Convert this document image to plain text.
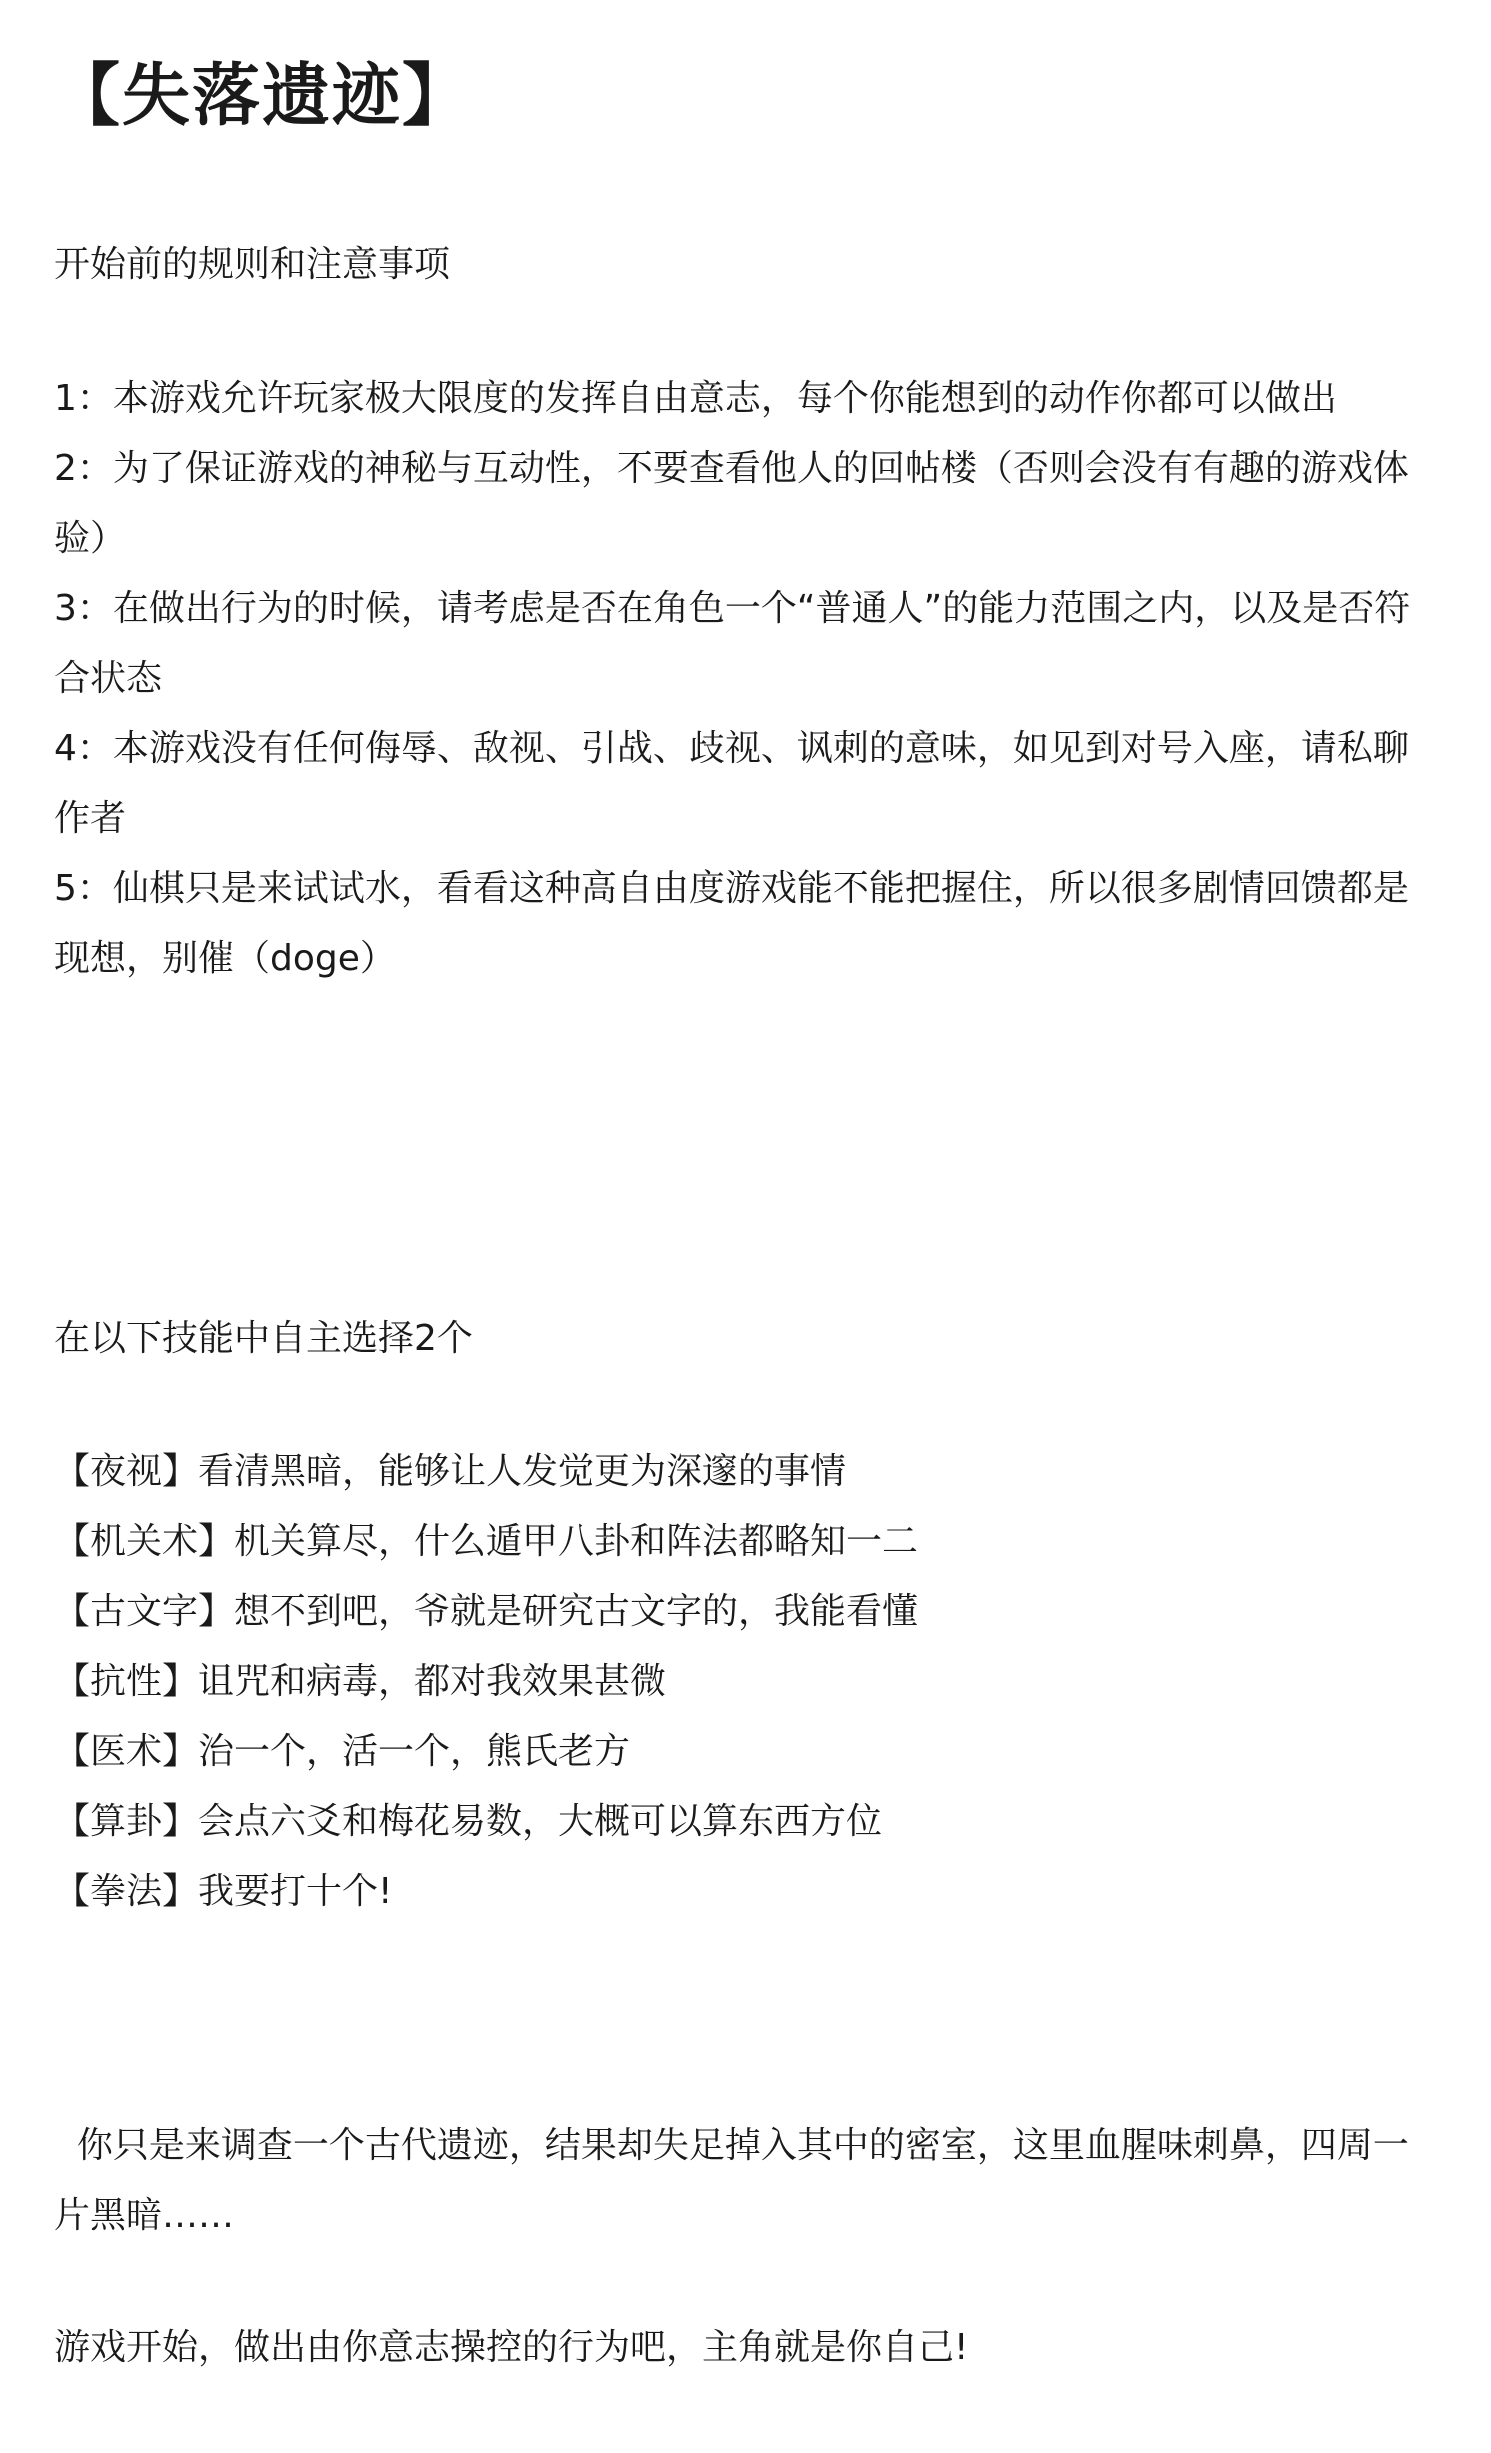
【失落遗迹】

开始前的规则和注意事项

1：本游戏允许玩家极大限度的发挥自由意志，每个你能想到的动作你都可以做出
2：为了保证游戏的神秘与互动性，不要查看他人的回帖楼（否则会没有有趣的游戏体验）
3：在做出行为的时候，请考虑是否在角色一个“普通人”的能力范围之内，以及是否符合状态
4：本游戏没有任何侮辱、敌视、引战、歧视、讽刺的意味，如见到对号入座，请私聊作者
5：仙棋只是来试试水，看看这种高自由度游戏能不能把握住，所以很多剧情回馈都是现想，别催（doge）

在以下技能中自主选择2个

【夜视】看清黑暗，能够让人发觉更为深邃的事情
【机关术】机关算尽，什么遁甲八卦和阵法都略知一二
【古文字】想不到吧，爷就是研究古文字的，我能看懂
【抗性】诅咒和病毒，都对我效果甚微
【医术】治一个，活一个，熊氏老方
【算卦】会点六爻和梅花易数，大概可以算东西方位
【拳法】我要打十个!

你只是来调查一个古代遗迹，结果却失足掉入其中的密室，这里血腥味刺鼻，四周一片黑暗……

游戏开始，做出由你意志操控的行为吧，主角就是你自己!
